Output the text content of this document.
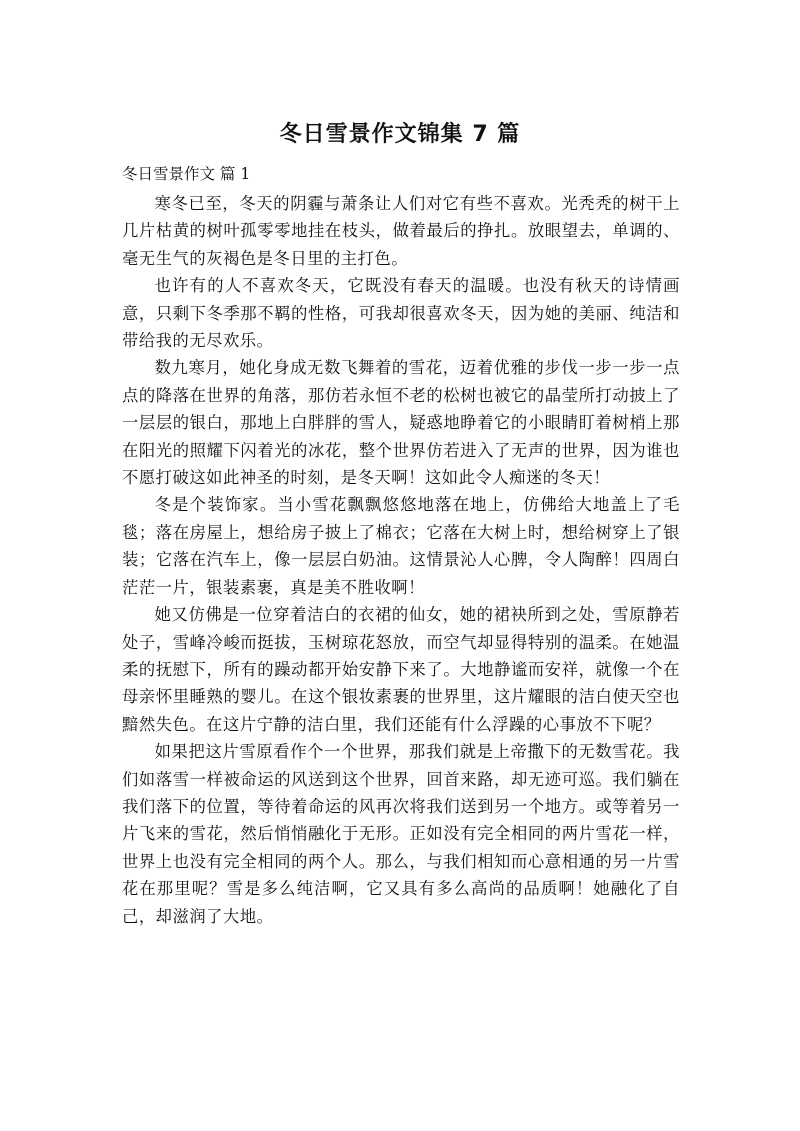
冬日雪景作文锦集 7 篇
冬日雪景作文 篇 1

寒冬已至，冬天的阴霾与萧条让人们对它有些不喜欢。光秃秃的树干上几片枯黄的树叶孤零零地挂在枝头，做着最后的挣扎。放眼望去，单调的、毫无生气的灰褐色是冬日里的主打色。

也许有的人不喜欢冬天，它既没有春天的温暖。也没有秋天的诗情画意，只剩下冬季那不羁的性格，可我却很喜欢冬天，因为她的美丽、纯洁和带给我的无尽欢乐。

数九寒月，她化身成无数飞舞着的雪花，迈着优雅的步伐一步一步一点点的降落在世界的角落，那仿若永恒不老的松树也被它的晶莹所打动披上了一层层的银白，那地上白胖胖的雪人，疑惑地睁着它的小眼睛盯着树梢上那在阳光的照耀下闪着光的冰花，整个世界仿若进入了无声的世界，因为谁也不愿打破这如此神圣的时刻，是冬天啊！这如此令人痴迷的冬天！

冬是个装饰家。当小雪花飘飘悠悠地落在地上，仿佛给大地盖上了毛毯；落在房屋上，想给房子披上了棉衣；它落在大树上时，想给树穿上了银装；它落在汽车上，像一层层白奶油。这情景沁人心脾，令人陶醉！四周白茫茫一片，银装素裹，真是美不胜收啊！

她又仿佛是一位穿着洁白的衣裙的仙女，她的裙袂所到之处，雪原静若处子，雪峰冷峻而挺拔，玉树琼花怒放，而空气却显得特别的温柔。在她温柔的抚慰下，所有的躁动都开始安静下来了。大地静谧而安祥，就像一个在母亲怀里睡熟的婴儿。在这个银妆素裹的世界里，这片耀眼的洁白使天空也黯然失色。在这片宁静的洁白里，我们还能有什么浮躁的心事放不下呢？

如果把这片雪原看作个一个世界，那我们就是上帝撒下的无数雪花。我们如落雪一样被命运的风送到这个世界，回首来路，却无迹可巡。我们躺在我们落下的位置，等待着命运的风再次将我们送到另一个地方。或等着另一片飞来的雪花，然后悄悄融化于无形。正如没有完全相同的两片雪花一样，世界上也没有完全相同的两个人。那么，与我们相知而心意相通的另一片雪花在那里呢？雪是多么纯洁啊，它又具有多么高尚的品质啊！她融化了自己，却滋润了大地。
